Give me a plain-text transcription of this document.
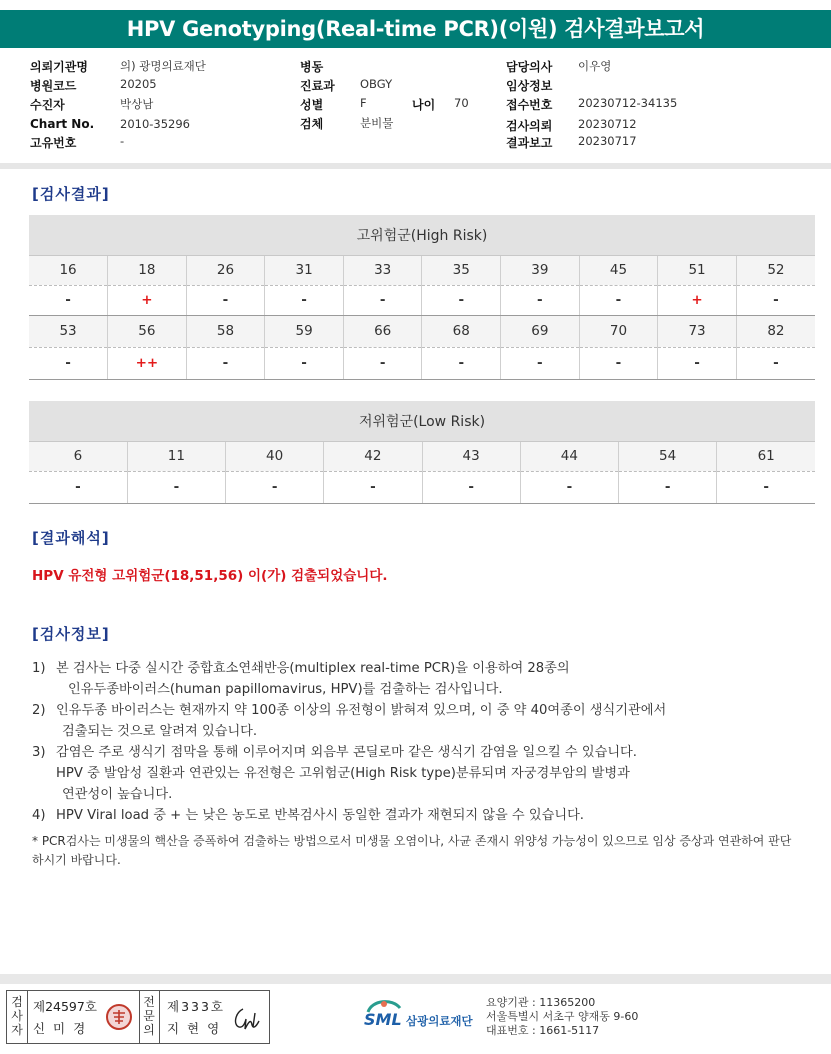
HPV Genotyping(Real-time PCR)(이원) 검사결과보고서
의뢰기관명	의) 광명의료재단
병원코드	20205
수진자	박상남
Chart No. 2010-35296
고유번호	-
병동
진료과 OBGY
성별	F	나이 70
검체	분비물
담당의사 이우영
임상정보
접수번호 20230712-34135
검사의뢰 20230712
결과보고 20230717
[검사결과]
고위험군(High Risk)									
16	18	26	31	33	35	39	45	51	52
-	+	-	-	-	-	-	-	+	-
53	56	58	59	66	68	69	70	73	82
-	++	-	-	-	-	-	-	-	-
저위험군(Low Risk)							
6	11	40	42	43	44	54	61
-	-	-	-	-	-	-	-
[결과해석]
HPV 유전형 고위험군(18,51,56) 이(가) 검출되었습니다.
[검사정보]
1) 본 검사는 다중 실시간 중합효소연쇄반응(multiplex real-time PCR)을 이용하여 28종의
인유두종바이러스(human papillomavirus, HPV)를 검출하는 검사입니다.
2) 인유두종 바이러스는 현재까지 약 100종 이상의 유전형이 밝혀져 있으며, 이 중 약 40여종이 생식기관에서
검출되는 것으로 알려져 있습니다.
3) 감염은 주로 생식기 점막을 통해 이루어지며 외음부 콘딜로마 같은 생식기 감염을 일으킬 수 있습니다.
HPV 중 발암성 질환과 연관있는 유전형은 고위험군(High Risk type)분류되며 자궁경부암의 발병과
연관성이 높습니다.
4) HPV Viral load 중 + 는 낮은 농도로 반복검사시 동일한 결과가 재현되지 않을 수 있습니다.
* PCR검사는 미생물의 핵산을 증폭하여 검출하는 방법으로서 미생물 오염이나, 사균 존재시 위양성 가능성이 있으므로 임상 증상과 연관하여 판단하시기 바랍니다.
검사자
제24597호
신 미 경
전문의
제333호
지 현 영	SML 삼광의료재단
요양기관 : 11365200
서울특별시 서초구 양재동 9-60
대표번호 : 1661-5117
